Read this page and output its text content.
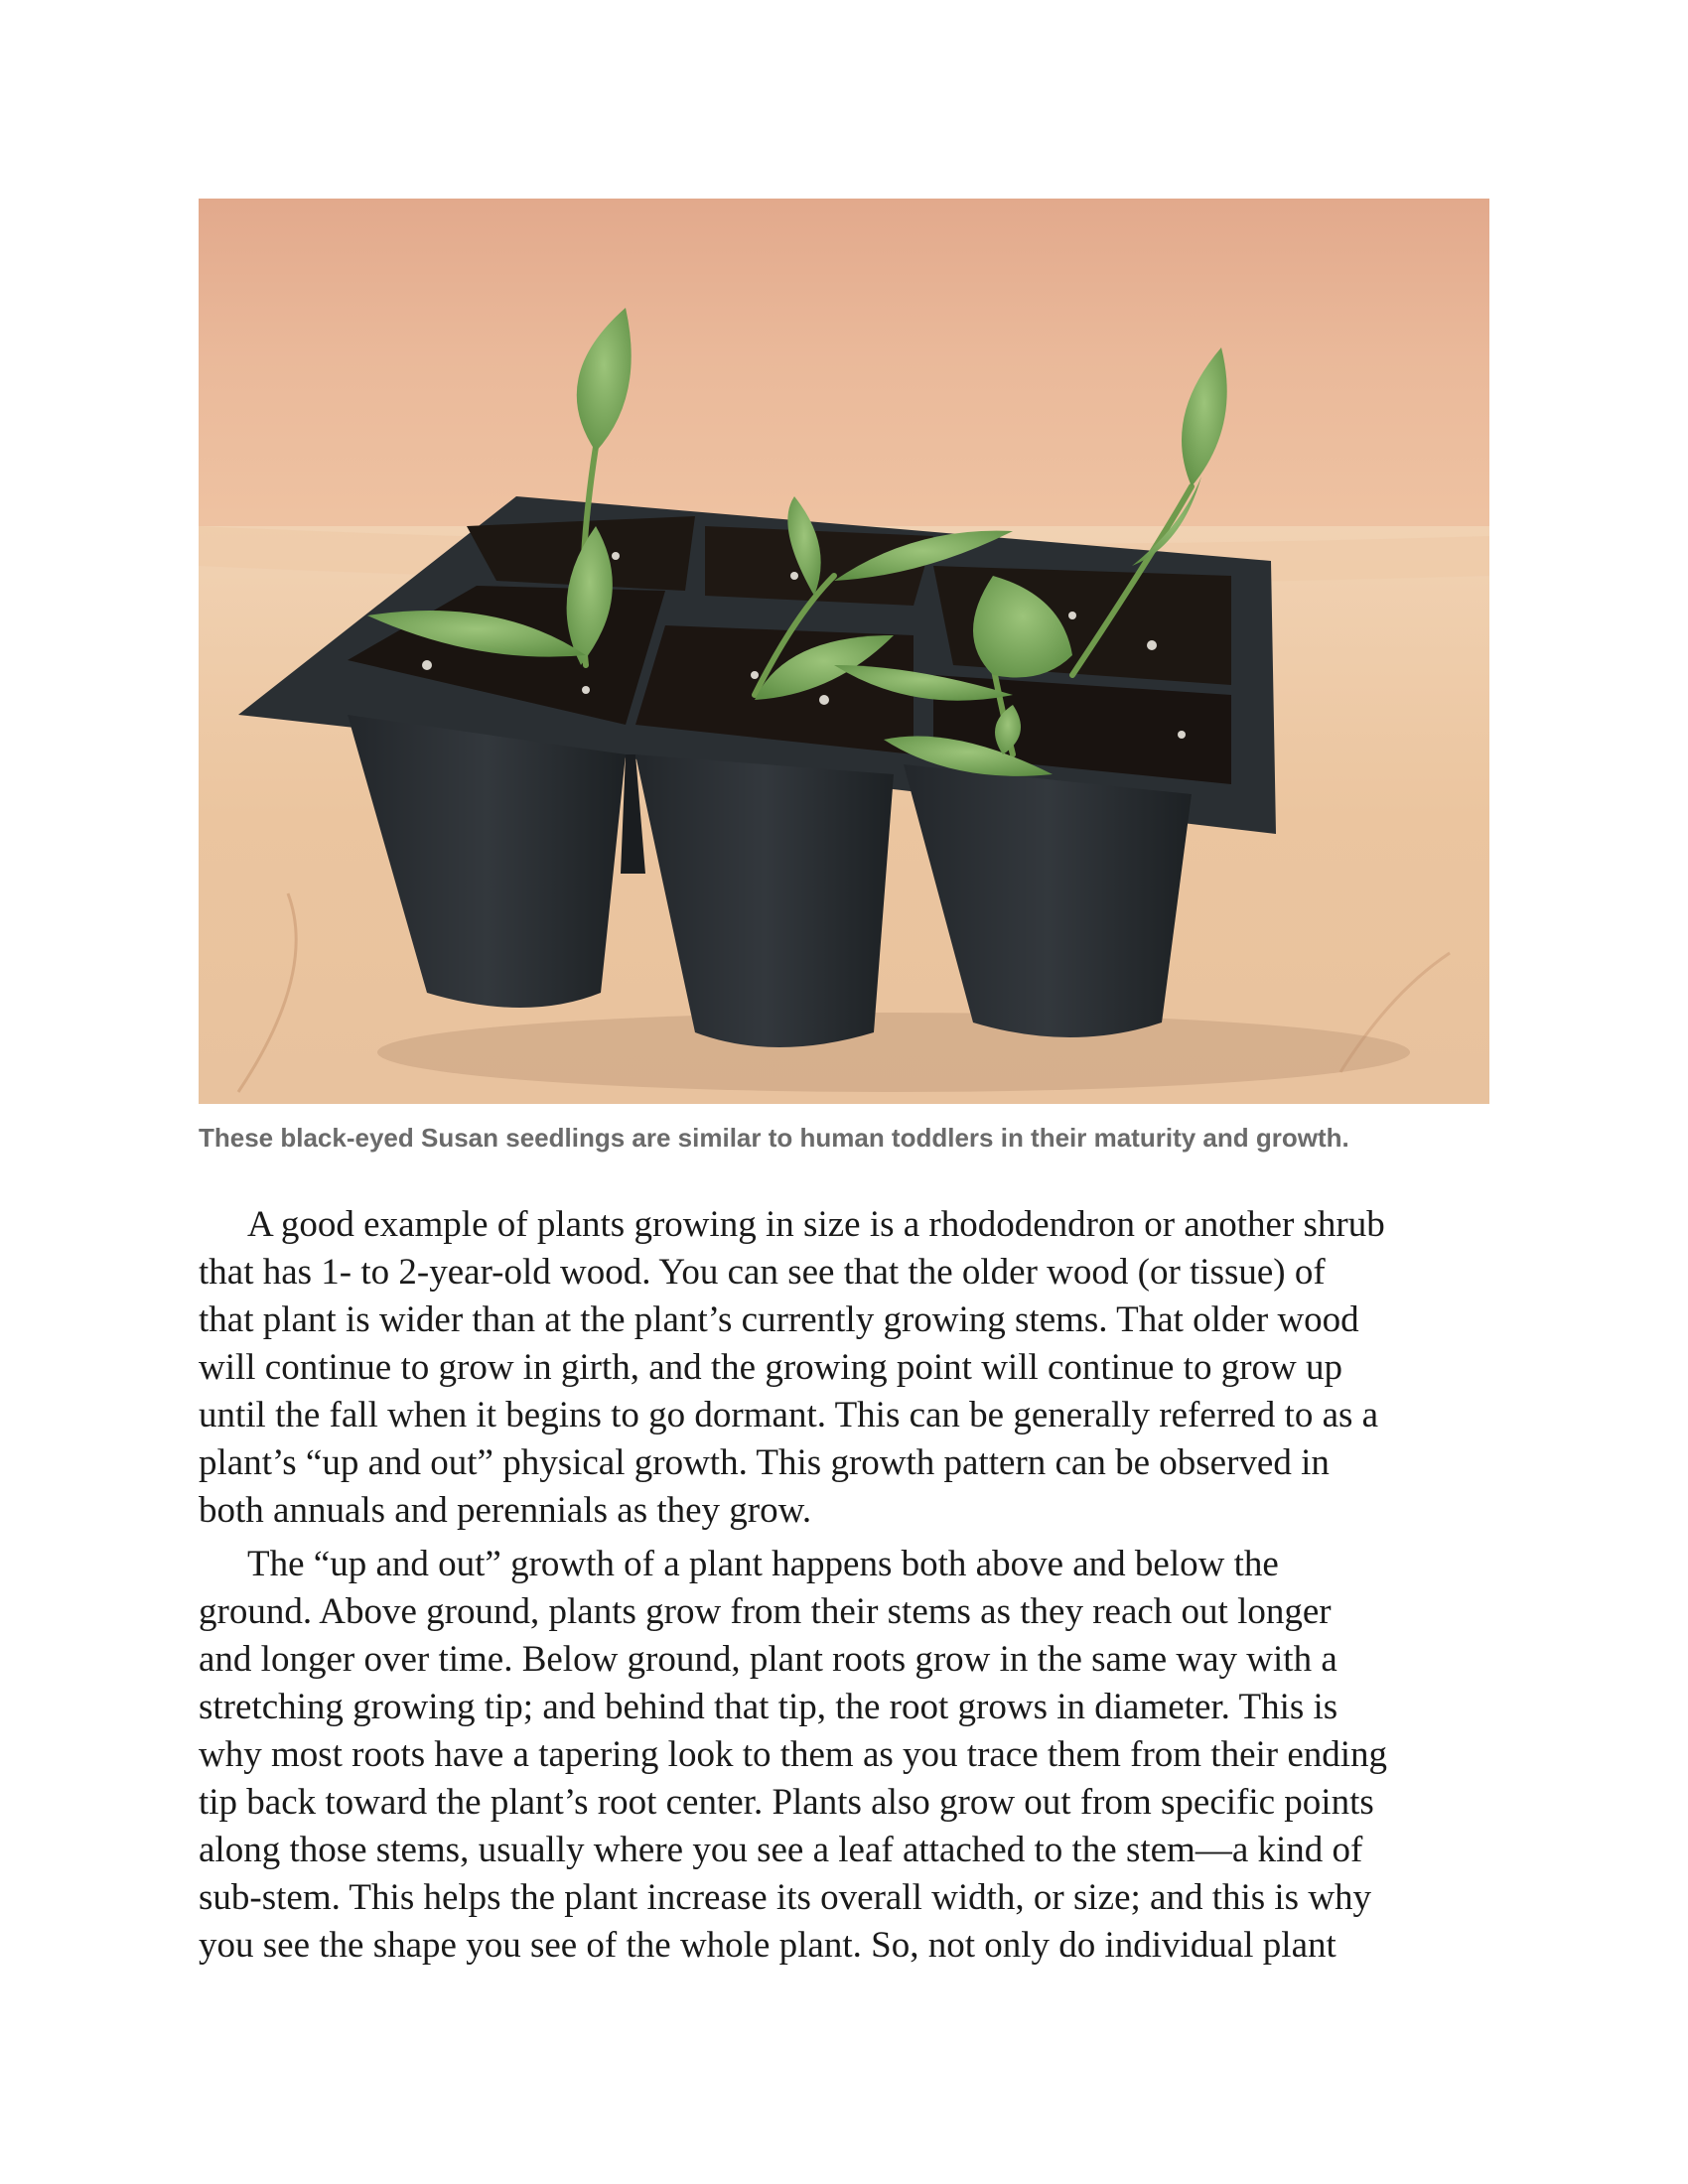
These black-eyed Susan seedlings are similar to human toddlers in their maturity and growth.

A good example of plants growing in size is a rhododendron or another shrub
that has 1- to 2-year-old wood. You can see that the older wood (or tissue) of
that plant is wider than at the plant’s currently growing stems. That older wood
will continue to grow in girth, and the growing point will continue to grow up
until the fall when it begins to go dormant. This can be generally referred to as a
plant’s “up and out” physical growth. This growth pattern can be observed in
both annuals and perennials as they grow.

The “up and out” growth of a plant happens both above and below the
ground. Above ground, plants grow from their stems as they reach out longer
and longer over time. Below ground, plant roots grow in the same way with a
stretching growing tip; and behind that tip, the root grows in diameter. This is
why most roots have a tapering look to them as you trace them from their ending
tip back toward the plant’s root center. Plants also grow out from specific points
along those stems, usually where you see a leaf attached to the stem—a kind of
sub-stem. This helps the plant increase its overall width, or size; and this is why
you see the shape you see of the whole plant. So, not only do individual plant
